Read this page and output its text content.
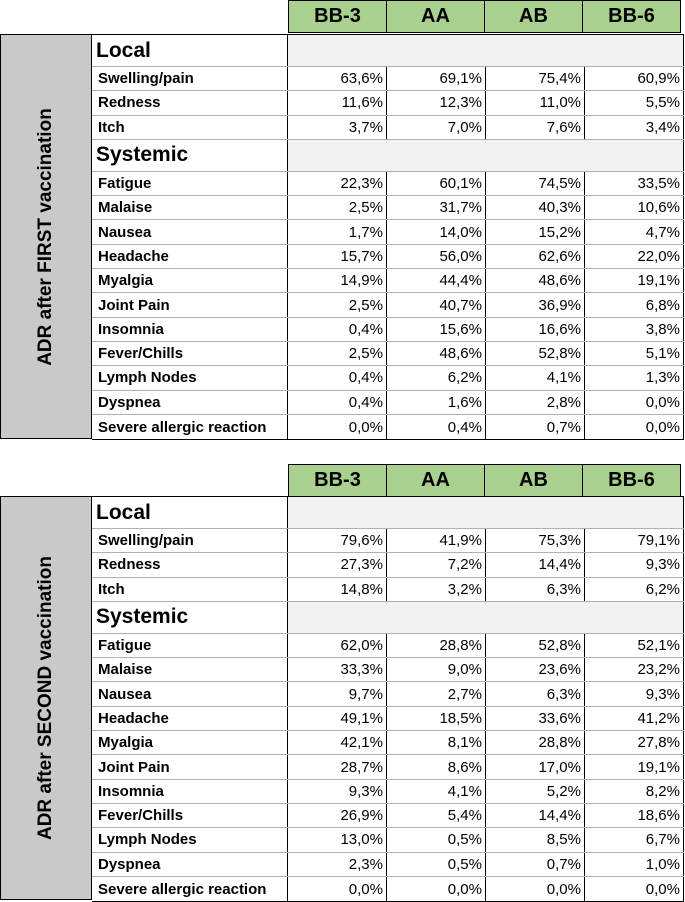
BB-3	AA	AB	BB-6
ADR after FIRST vaccination
Local
Swelling/pain	63,6%	69,1%	75,4%	60,9%
Redness	11,6%	12,3%	11,0%	5,5%
Itch	3,7%	7,0%	7,6%	3,4%
Systemic
Fatigue	22,3%	60,1%	74,5%	33,5%
Malaise	2,5%	31,7%	40,3%	10,6%
Nausea	1,7%	14,0%	15,2%	4,7%
Headache	15,7%	56,0%	62,6%	22,0%
Myalgia	14,9%	44,4%	48,6%	19,1%
Joint Pain	2,5%	40,7%	36,9%	6,8%
Insomnia	0,4%	15,6%	16,6%	3,8%
Fever/Chills	2,5%	48,6%	52,8%	5,1%
Lymph Nodes	0,4%	6,2%	4,1%	1,3%
Dyspnea	0,4%	1,6%	2,8%	0,0%
Severe allergic reaction	0,0%	0,4%	0,7%	0,0%
BB-3	AA	AB	BB-6
ADR after SECOND vaccination
Local
Swelling/pain	79,6%	41,9%	75,3%	79,1%
Redness	27,3%	7,2%	14,4%	9,3%
Itch	14,8%	3,2%	6,3%	6,2%
Systemic
Fatigue	62,0%	28,8%	52,8%	52,1%
Malaise	33,3%	9,0%	23,6%	23,2%
Nausea	9,7%	2,7%	6,3%	9,3%
Headache	49,1%	18,5%	33,6%	41,2%
Myalgia	42,1%	8,1%	28,8%	27,8%
Joint Pain	28,7%	8,6%	17,0%	19,1%
Insomnia	9,3%	4,1%	5,2%	8,2%
Fever/Chills	26,9%	5,4%	14,4%	18,6%
Lymph Nodes	13,0%	0,5%	8,5%	6,7%
Dyspnea	2,3%	0,5%	0,7%	1,0%
Severe allergic reaction	0,0%	0,0%	0,0%	0,0%
